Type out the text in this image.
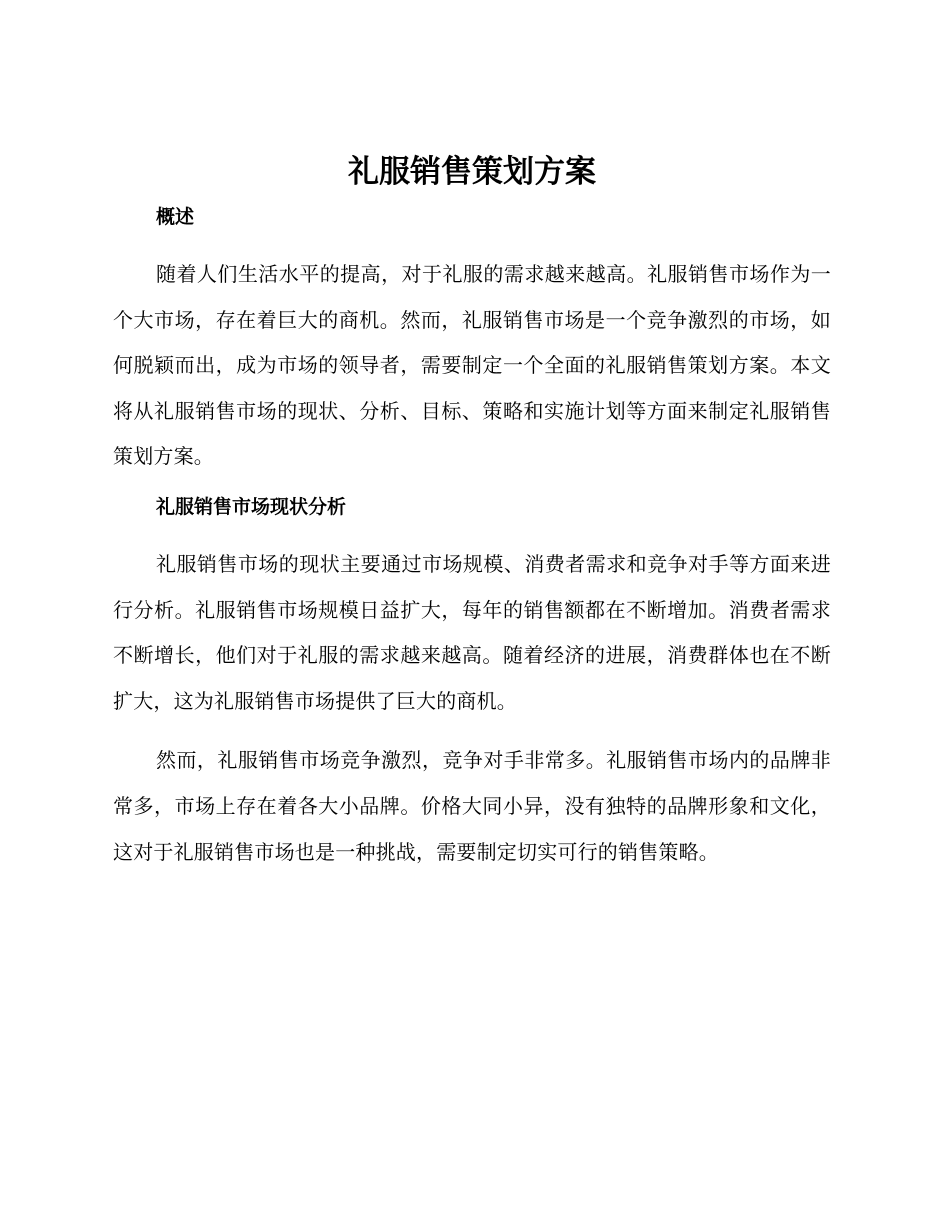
礼服销售策划方案
概述

随着人们生活水平的提高，对于礼服的需求越来越高。礼服销售市场作为一个大市场，存在着巨大的商机。然而，礼服销售市场是一个竞争激烈的市场，如何脱颖而出，成为市场的领导者，需要制定一个全面的礼服销售策划方案。本文将从礼服销售市场的现状、分析、目标、策略和实施计划等方面来制定礼服销售策划方案。

礼服销售市场现状分析

礼服销售市场的现状主要通过市场规模、消费者需求和竞争对手等方面来进行分析。礼服销售市场规模日益扩大，每年的销售额都在不断增加。消费者需求不断增长，他们对于礼服的需求越来越高。随着经济的进展，消费群体也在不断扩大，这为礼服销售市场提供了巨大的商机。

然而，礼服销售市场竞争激烈，竞争对手非常多。礼服销售市场内的品牌非常多，市场上存在着各大小品牌。价格大同小异，没有独特的品牌形象和文化，这对于礼服销售市场也是一种挑战，需要制定切实可行的销售策略。
